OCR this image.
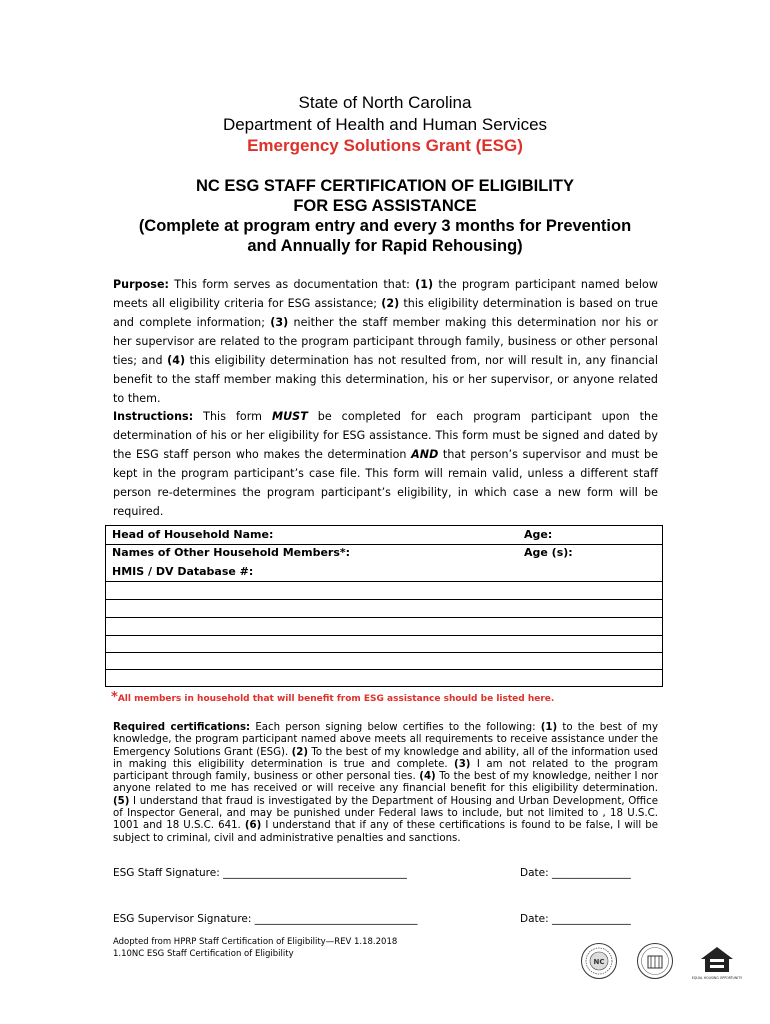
State of North Carolina
Department of Health and Human Services
Emergency Solutions Grant (ESG)
NC ESG STAFF CERTIFICATION OF ELIGIBILITY
FOR ESG ASSISTANCE
(Complete at program entry and every 3 months for Prevention
and Annually for Rapid Rehousing)
Purpose: This form serves as documentation that: (1) the program participant named below meets all eligibility criteria for ESG assistance; (2) this eligibility determination is based on true and complete information; (3) neither the staff member making this determination nor his or her supervisor are related to the program participant through family, business or other personal ties; and (4) this eligibility determination has not resulted from, nor will result in, any financial benefit to the staff member making this determination, his or her supervisor, or anyone related to them.
Instructions: This form MUST be completed for each program participant upon the determination of his or her eligibility for ESG assistance. This form must be signed and dated by the ESG staff person who makes the determination AND that person’s supervisor and must be kept in the program participant’s case file. This form will remain valid, unless a different staff person re-determines the program participant’s eligibility, in which case a new form will be required.
Head of Household Name:	Age:
Names of Other Household Members*:	Age (s):
HMIS / DV Database #:
*All members in household that will benefit from ESG assistance should be listed here.
Required certifications: Each person signing below certifies to the following: (1) to the best of my knowledge, the program participant named above meets all requirements to receive assistance under the Emergency Solutions Grant (ESG). (2) To the best of my knowledge and ability, all of the information used in making this eligibility determination is true and complete. (3) I am not related to the program participant through family, business or other personal ties. (4) To the best of my knowledge, neither I nor anyone related to me has received or will receive any financial benefit for this eligibility determination. (5) I understand that fraud is investigated by the Department of Housing and Urban Development, Office of Inspector General, and may be punished under Federal laws to include, but not limited to , 18 U.S.C. 1001 and 18 U.S.C. 641. (6) I understand that if any of these certifications is found to be false, I will be subject to criminal, civil and administrative penalties and sanctions.
ESG Staff Signature: ___________________________________	Date: _______________
ESG Supervisor Signature: _______________________________	Date: _______________
Adopted from HPRP Staff Certification of Eligibility—REV 1.18.2018
1.10NC ESG Staff Certification of Eligibility
NC
EQUAL HOUSING OPPORTUNITY
